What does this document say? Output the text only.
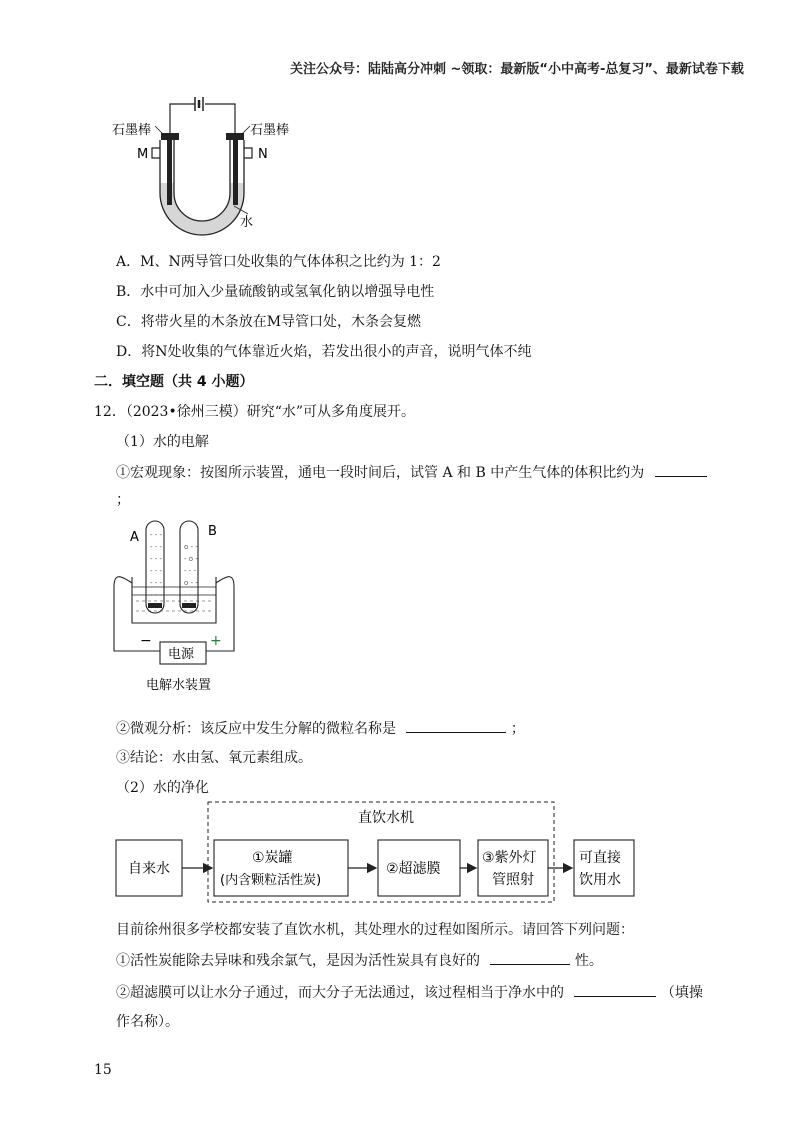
关注公众号：陆陆高分冲刺 ~领取：最新版“小中高考-总复习”、最新试卷下载
石墨棒	石墨棒
M	N
水
A．M、N两导管口处收集的气体体积之比约为 1：2
B．水中可加入少量硫酸钠或氢氧化钠以增强导电性
C．将带火星的木条放在M导管口处，木条会复燃
D．将N处收集的气体靠近火焰，若发出很小的声音，说明气体不纯
二．填空题（共 4 小题）
12．（2023•徐州三模）研究“水”可从多角度展开。
（1）水的电解
①宏观现象：按图所示装置，通电一段时间后，试管 A 和 B 中产生气体的体积比约为
；
- - -
- - -
- - -
- - -
- - -
- - -
o - -
- o -
- - -
o - -
- - -
电源
−	+
A	B
电解水装置
②微观分析：该反应中发生分解的微粒名称是	；
③结论：水由氢、氧元素组成。
（2）水的净化
直饮水机
自来水
①炭罐
(内含颗粒活性炭)
②超滤膜
③紫外灯
管照射
可直接
饮用水
目前徐州很多学校都安装了直饮水机，其处理水的过程如图所示。请回答下列问题：
①活性炭能除去异味和残余氯气，是因为活性炭具有良好的	性。
②超滤膜可以让水分子通过，而大分子无法通过，该过程相当于净水中的	（填操
作名称）。
15
